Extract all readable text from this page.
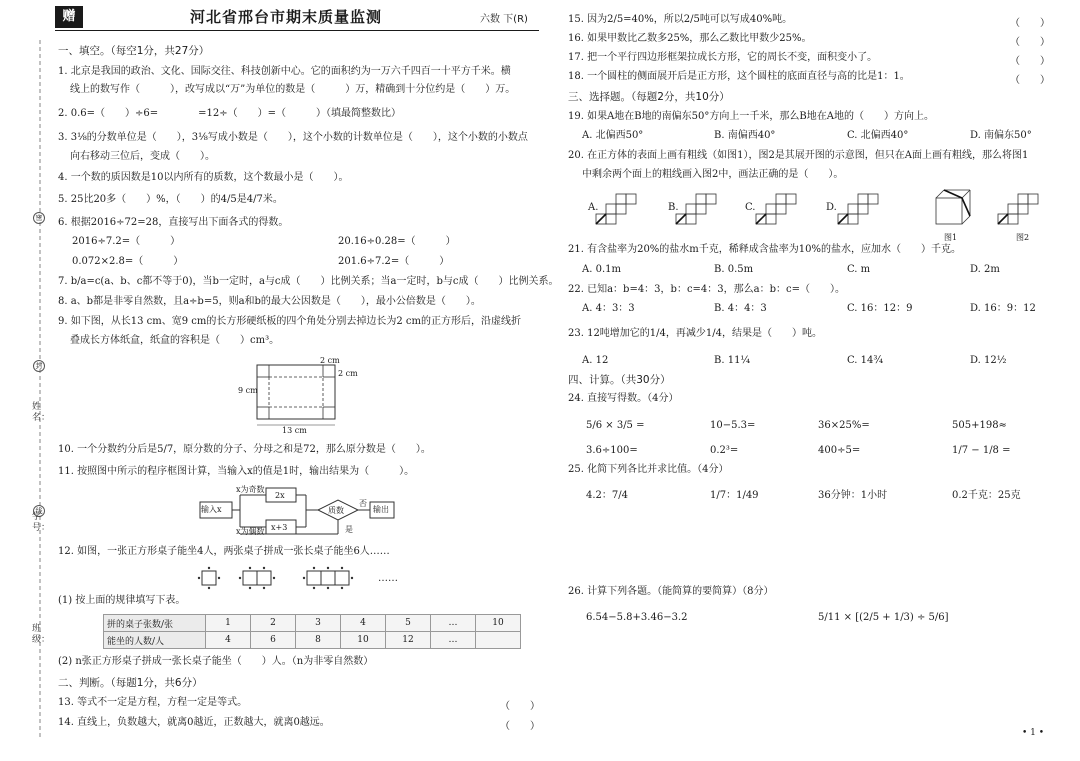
赠	河北省邢台市期末质量监测	六数 下(R)
密
封
线
姓名：
学号：
班级：
一、填空。（每空1分，共27分）
1. 北京是我国的政治、文化、国际交往、科技创新中心。它的面积约为一万六千四百一十平方千米。横
线上的数写作（　　　），改写成以“万”为单位的数是（　　　）万，精确到十分位约是（　　）万。
2. 0.6=（　　）÷6=　　　　=12÷（　　）=（　　　）（填最简整数比）
3. 3⅛的分数单位是（　　），3⅛写成小数是（　　），这个小数的计数单位是（　　），这个小数的小数点
向右移动三位后，变成（　　）。
4. 一个数的质因数是10以内所有的质数，这个数最小是（　　）。
5. 25比20多（　　）%，（　　）的4/5是4/7米。
6. 根据2016÷72=28，直接写出下面各式的得数。
2016÷7.2=（　　　）	20.16÷0.28=（　　　）
0.072×2.8=（　　　）	201.6÷7.2=（　　　）
7. b/a=c(a、b、c都不等于0)，当b一定时，a与c成（　　）比例关系；当a一定时，b与c成（　　）比例关系。
8. a、b都是非零自然数，且a÷b=5，则a和b的最大公因数是（　　），最小公倍数是（　　）。
9. 如下图，从长13 cm、宽9 cm的长方形硬纸板的四个角处分别去掉边长为2 cm的正方形后，沿虚线折
叠成长方体纸盒，纸盒的容积是（　　）cm³。
2 cm
2 cm
9 cm
13 cm
10. 一个分数约分后是5/7，原分数的分子、分母之和是72，那么原分数是（　　）。
11. 按照图中所示的程序框图计算，当输入x的值是1时，输出结果为（　　　）。
输入x
x为奇数
x为偶数
2x
x+3
质数
否
是
输出
12. 如图，一张正方形桌子能坐4人，两张桌子拼成一张长桌子能坐6人……
……
(1) 按上面的规律填写下表。
拼的桌子张数/张	1	2	3	4	5	…	10
能坐的人数/人	4	6	8	10	12	…	
(2) n张正方形桌子拼成一张长桌子能坐（　　）人。（n为非零自然数）
二、判断。（每题1分，共6分）
13. 等式不一定是方程，方程一定是等式。	（　　）
14. 直线上，负数越大，就离0越近，正数越大，就离0越远。	（　　）
15. 因为2/5=40%，所以2/5吨可以写成40%吨。	（　　）
16. 如果甲数比乙数多25%，那么乙数比甲数少25%。	（　　）
17. 把一个平行四边形框架拉成长方形，它的周长不变，面积变小了。	（　　）
18. 一个圆柱的侧面展开后是正方形，这个圆柱的底面直径与高的比是1：1。	（　　）
三、选择题。（每题2分，共10分）
19. 如果A地在B地的南偏东50°方向上一千米，那么B地在A地的（　　）方向上。
A. 北偏西50°	B. 南偏西40°	C. 北偏西40°	D. 南偏东50°
20. 在正方体的表面上画有粗线（如图1），图2是其展开图的示意图，但只在A面上画有粗线，那么将图1
中剩余两个面上的粗线画入图2中，画法正确的是（　　）。
A.	B.	C.	D.
图1	图2
21. 有含盐率为20%的盐水m千克，稀释成含盐率为10%的盐水，应加水（　　）千克。
A. 0.1m	B. 0.5m	C. m	D. 2m
22. 已知a：b=4：3，b：c=4：3，那么a：b：c=（　　）。
A. 4：3：3	B. 4：4：3	C. 16：12：9	D. 16：9：12
23. 12吨增加它的1/4，再减少1/4，结果是（　　）吨。
A. 12	B. 11¼	C. 14¾	D. 12½
四、计算。（共30分）
24. 直接写得数。（4分）
5/6 × 3/5 =	10−5.3=	36×25%=	505+198≈
3.6÷100=	0.2³=	400÷5=	1/7 − 1/8 =
25. 化简下列各比并求比值。（4分）
4.2：7/4	1/7：1/49	36分钟：1小时	0.2千克：25克
26. 计算下列各题。（能简算的要简算）（8分）
6.54−5.8+3.46−3.2	5/11 × [(2/5 + 1/3) ÷ 5/6]
• 1 •
